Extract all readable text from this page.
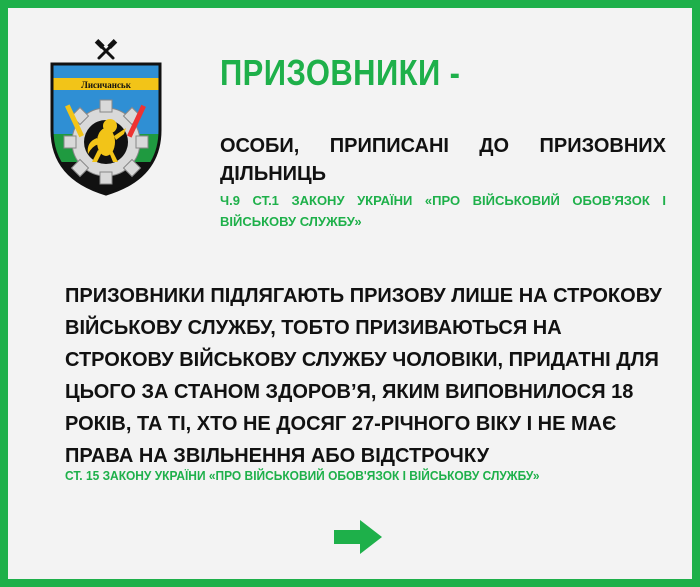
Лисичанськ ПРИЗОВНИКИ -

ОСОБИ, ПРИПИСАНІ ДО ПРИЗОВНИХ ДІЛЬНИЦЬ

Ч.9 СТ.1 ЗАКОНУ УКРАЇНИ «ПРО ВІЙСЬКОВИЙ ОБОВ'ЯЗОК І ВІЙСЬКОВУ СЛУЖБУ»

ПРИЗОВНИКИ ПІДЛЯГАЮТЬ ПРИЗОВУ ЛИШЕ НА СТРОКОВУ ВІЙСЬКОВУ СЛУЖБУ, ТОБТО ПРИЗИВАЮТЬСЯ НА СТРОКОВУ ВІЙСЬКОВУ СЛУЖБУ ЧОЛОВІКИ, ПРИДАТНІ ДЛЯ ЦЬОГО ЗА СТАНОМ ЗДОРОВ’Я, ЯКИМ ВИПОВНИЛОСЯ 18 РОКІВ, ТА ТІ, ХТО НЕ ДОСЯГ 27-РІЧНОГО ВІКУ І НЕ МАЄ ПРАВА НА ЗВІЛЬНЕННЯ АБО ВІДСТРОЧКУ

СТ. 15 ЗАКОНУ УКРАЇНИ «ПРО ВІЙСЬКОВИЙ ОБОВ'ЯЗОК І ВІЙСЬКОВУ СЛУЖБУ»
